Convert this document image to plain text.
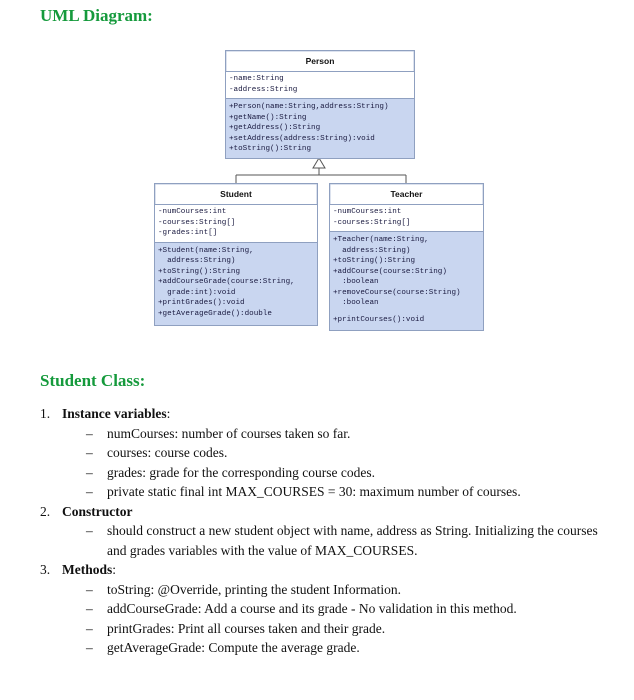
UML Diagram:
Person
-name:String
-address:String
+Person(name:String,address:String)
+getName():String
+getAddress():String
+setAddress(address:String):void
+toString():String
Student
-numCourses:int
-courses:String[]
-grades:int[]
+Student(name:String,
address:String)
+toString():String
+addCourseGrade(course:String,
grade:int):void
+printGrades():void
+getAverageGrade():double
Teacher
-numCourses:int
-courses:String[]
+Teacher(name:String,
address:String)
+toString():String
+addCourse(course:String)
:boolean
+removeCourse(course:String)
:boolean
+printCourses():void
Student Class:
1. Instance variables:
– numCourses: number of courses taken so far.
– courses: course codes.
– grades: grade for the corresponding course codes.
– private static final int MAX_COURSES = 30: maximum number of courses.
2. Constructor
– should construct a new student object with name, address as String. Initializing the courses and grades variables with the value of MAX_COURSES.
3. Methods:
– toString: @Override, printing the student Information.
– addCourseGrade: Add a course and its grade - No validation in this method.
– printGrades: Print all courses taken and their grade.
– getAverageGrade: Compute the average grade.
